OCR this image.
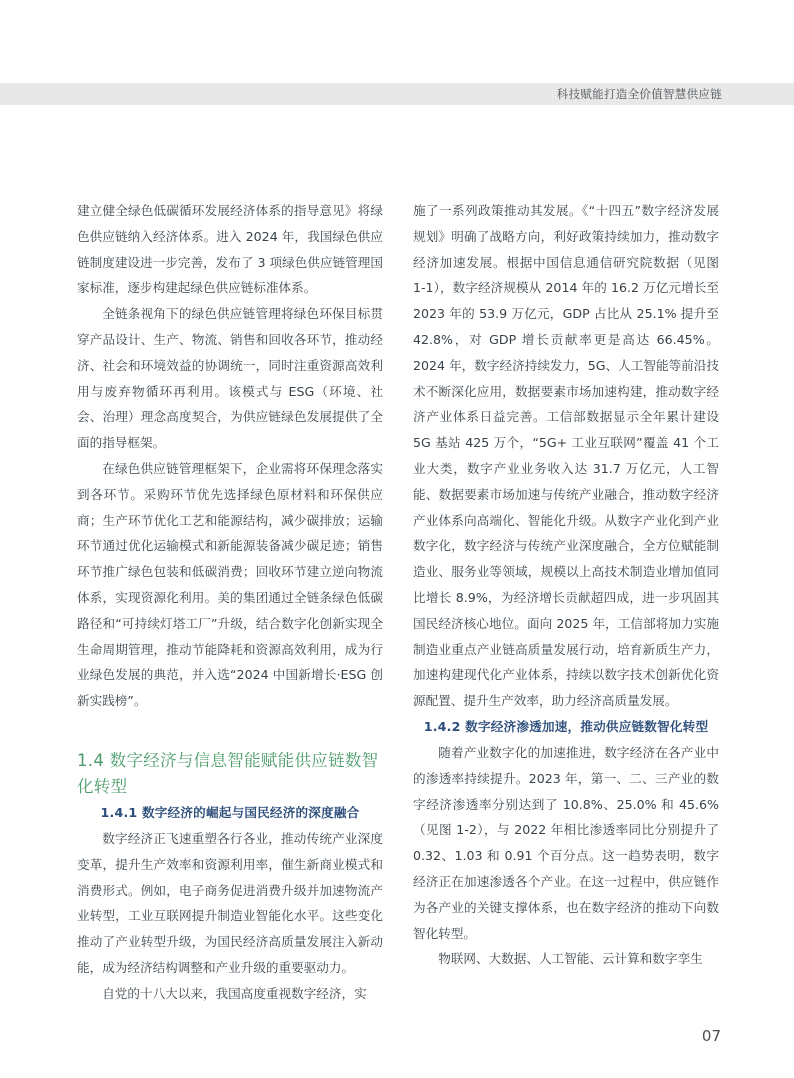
科技赋能打造全价值智慧供应链

建立健全绿色低碳循环发展经济体系的指导意见》将绿色供应链纳入经济体系。进入 2024 年，我国绿色供应链制度建设进一步完善，发布了 3 项绿色供应链管理国家标准，逐步构建起绿色供应链标准体系。

全链条视角下的绿色供应链管理将绿色环保目标贯穿产品设计、生产、物流、销售和回收各环节，推动经济、社会和环境效益的协调统一，同时注重资源高效利用与废弃物循环再利用。该模式与 ESG（环境、社会、治理）理念高度契合，为供应链绿色发展提供了全面的指导框架。

在绿色供应链管理框架下，企业需将环保理念落实到各环节。采购环节优先选择绿色原材料和环保供应商；生产环节优化工艺和能源结构，减少碳排放；运输环节通过优化运输模式和新能源装备减少碳足迹；销售环节推广绿色包装和低碳消费；回收环节建立逆向物流体系，实现资源化利用。美的集团通过全链条绿色低碳路径和“可持续灯塔工厂”升级，结合数字化创新实现全生命周期管理，推动节能降耗和资源高效利用，成为行业绿色发展的典范，并入选“2024 中国新增长·ESG 创新实践榜”。

1.4 数字经济与信息智能赋能供应链数智化转型
1.4.1 数字经济的崛起与国民经济的深度融合

数字经济正飞速重塑各行各业，推动传统产业深度变革，提升生产效率和资源利用率，催生新商业模式和消费形式。例如，电子商务促进消费升级并加速物流产业转型，工业互联网提升制造业智能化水平。这些变化推动了产业转型升级，为国民经济高质量发展注入新动能，成为经济结构调整和产业升级的重要驱动力。

自党的十八大以来，我国高度重视数字经济，实

施了一系列政策推动其发展。《“十四五”数字经济发展规划》明确了战略方向，利好政策持续加力，推动数字经济加速发展。根据中国信息通信研究院数据（见图 1-1），数字经济规模从 2014 年的 16.2 万亿元增长至 2023 年的 53.9 万亿元，GDP 占比从 25.1% 提升至 42.8%，对 GDP 增长贡献率更是高达 66.45%。2024 年，数字经济持续发力，5G、人工智能等前沿技术不断深化应用，数据要素市场加速构建，推动数字经济产业体系日益完善。工信部数据显示全年累计建设 5G 基站 425 万个，“5G+ 工业互联网”覆盖 41 个工业大类，数字产业业务收入达 31.7 万亿元，人工智能、数据要素市场加速与传统产业融合，推动数字经济产业体系向高端化、智能化升级。从数字产业化到产业数字化，数字经济与传统产业深度融合，全方位赋能制造业、服务业等领域，规模以上高技术制造业增加值同比增长 8.9%，为经济增长贡献超四成，进一步巩固其国民经济核心地位。面向 2025 年，工信部将加力实施制造业重点产业链高质量发展行动，培育新质生产力，加速构建现代化产业体系，持续以数字技术创新优化资源配置、提升生产效率，助力经济高质量发展。

1.4.2 数字经济渗透加速，推动供应链数智化转型

随着产业数字化的加速推进，数字经济在各产业中的渗透率持续提升。2023 年，第一、二、三产业的数字经济渗透率分别达到了 10.8%、25.0% 和 45.6%（见图 1-2），与 2022 年相比渗透率同比分别提升了 0.32、1.03 和 0.91 个百分点。这一趋势表明，数字经济正在加速渗透各个产业。在这一过程中，供应链作为各产业的关键支撑体系，也在数字经济的推动下向数智化转型。

物联网、大数据、人工智能、云计算和数字孪生

07
